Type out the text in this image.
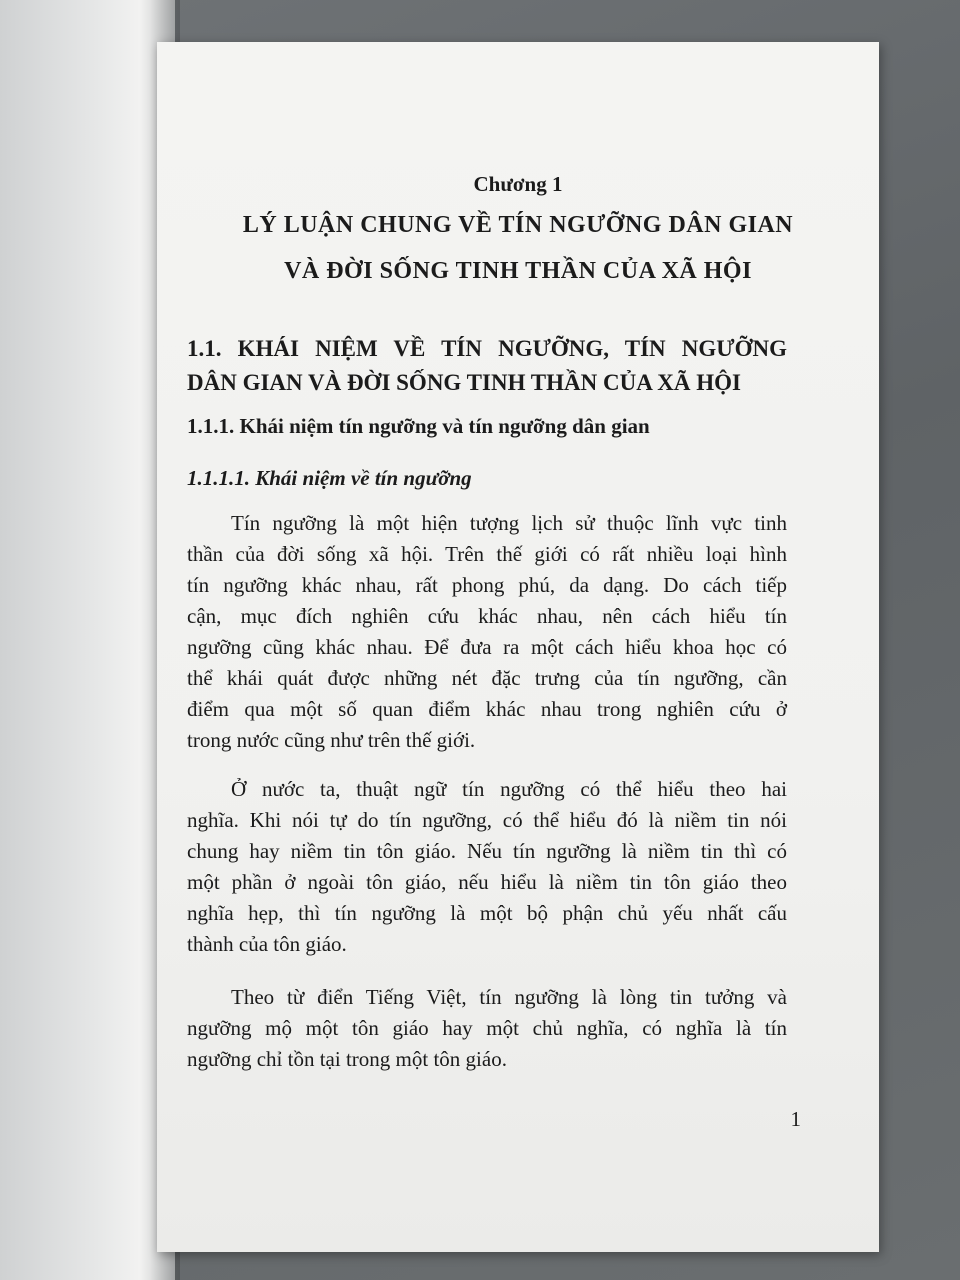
Chương 1
LÝ LUẬN CHUNG VỀ TÍN NGƯỠNG DÂN GIAN
VÀ ĐỜI SỐNG TINH THẦN CỦA XÃ HỘI
1.1. KHÁI NIỆM VỀ TÍN NGƯỠNG, TÍN NGƯỠNG
DÂN GIAN VÀ ĐỜI SỐNG TINH THẦN CỦA XÃ HỘI
1.1.1. Khái niệm tín ngưỡng và tín ngưỡng dân gian
1.1.1.1. Khái niệm về tín ngưỡng
Tín ngưỡng là một hiện tượng lịch sử thuộc lĩnh vực tinh
thần của đời sống xã hội. Trên thế giới có rất nhiều loại hình
tín ngưỡng khác nhau, rất phong phú, da dạng. Do cách tiếp
cận, mục đích nghiên cứu khác nhau, nên cách hiểu tín
ngưỡng cũng khác nhau. Để đưa ra một cách hiểu khoa học có
thể khái quát được những nét đặc trưng của tín ngưỡng, cần
điểm qua một số quan điểm khác nhau trong nghiên cứu ở
trong nước cũng như trên thế giới.
Ở nước ta, thuật ngữ tín ngưỡng có thể hiểu theo hai
nghĩa. Khi nói tự do tín ngưỡng, có thể hiểu đó là niềm tin nói
chung hay niềm tin tôn giáo. Nếu tín ngưỡng là niềm tin thì có
một phần ở ngoài tôn giáo, nếu hiểu là niềm tin tôn giáo theo
nghĩa hẹp, thì tín ngưỡng là một bộ phận chủ yếu nhất cấu
thành của tôn giáo.
Theo từ điển Tiếng Việt, tín ngưỡng là lòng tin tưởng và
ngưỡng mộ một tôn giáo hay một chủ nghĩa, có nghĩa là tín
ngưỡng chỉ tồn tại trong một tôn giáo.
1
